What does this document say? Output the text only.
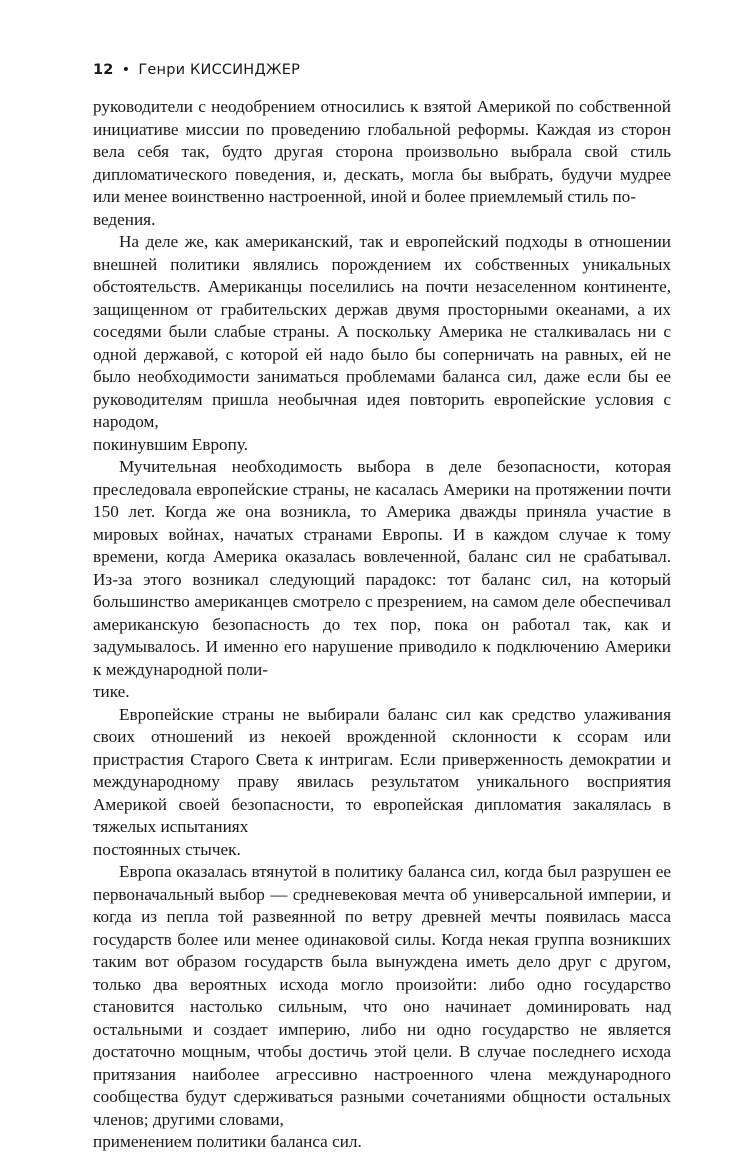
12 • Генри КИССИНДЖЕР

руководители с неодобрением относились к взятой Америкой по собственной инициативе миссии по проведению глобальной реформы. Каждая из сторон вела себя так, будто другая сторона произвольно выбрала свой стиль дипломатического поведения, и, дескать, могла бы выбрать, будучи мудрее или менее воинственно настроенной, иной и более приемлемый стиль по-
ведения.

На деле же, как американский, так и европейский подходы в отношении внешней политики являлись порождением их собственных уникальных обстоятельств. Американцы поселились на почти незаселенном континенте, защищенном от грабительских держав двумя просторными океанами, а их соседями были слабые страны. А поскольку Америка не сталкивалась ни с одной державой, с которой ей надо было бы соперничать на равных, ей не было необходимости заниматься проблемами баланса сил, даже если бы ее руководителям пришла необычная идея повторить европейские условия с народом,
покинувшим Европу.

Мучительная необходимость выбора в деле безопасности, которая преследовала европейские страны, не касалась Америки на протяжении почти 150 лет. Когда же она возникла, то Америка дважды приняла участие в мировых войнах, начатых странами Европы. И в каждом случае к тому времени, когда Америка оказалась вовлеченной, баланс сил не срабатывал. Из-за этого возникал следующий парадокс: тот баланс сил, на который большинство американцев смотрело с презрением, на самом деле обеспечивал американскую безопасность до тех пор, пока он работал так, как и задумывалось. И именно его нарушение приводило к подключению Америки к международной поли-
тике.

Европейские страны не выбирали баланс сил как средство улаживания своих отношений из некоей врожденной склонности к ссорам или пристрастия Старого Света к интригам. Если приверженность демократии и международному праву явилась результатом уникального восприятия Америкой своей безопасности, то европейская дипломатия закалялась в тяжелых испытаниях
постоянных стычек.

Европа оказалась втянутой в политику баланса сил, когда был разрушен ее первоначальный выбор — средневековая мечта об универсальной империи, и когда из пепла той развеянной по ветру древней мечты появилась масса государств более или менее одинаковой силы. Когда некая группа возникших таким вот образом государств была вынуждена иметь дело друг с другом, только два вероятных исхода могло произойти: либо одно государство становится настолько сильным, что оно начинает доминировать над остальными и создает империю, либо ни одно государство не является достаточно мощным, чтобы достичь этой цели. В случае последнего исхода притязания наиболее агрессивно настроенного члена международного сообщества будут сдерживаться разными сочетаниями общности остальных членов; другими словами,
применением политики баланса сил.
